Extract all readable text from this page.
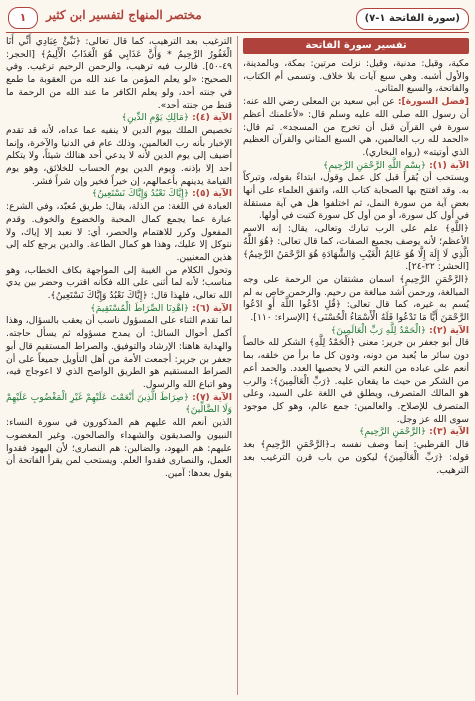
(سورة الفاتحة ١-٧)
مختصر المنهاج لتفسير ابن كثير
١
تفسير سورة الفاتحة

مكية، وقيل: مدنية، وقيل: نزلت مرتين: بمكة، وبالمدينة، والأول أشبه. وهي سبع آيات بلا خلاف. وتسمى أم الكتاب، والفاتحة، والسبع المثاني.

[فضل السورة]: عن أبي سعيد بن المعلى رضي الله عنه: أن رسول الله صلى الله عليه وسلم قال: «لأعلمنك أعظم سورة في القرآن قبل أن تخرج من المسجد». ثم قال: «الحمد لله رب العالمين، هي السبع المثاني والقرآن العظيم الذي أوتيته» (رواه البخاري).

الآية (١): ﴿بِسْمِ اللَّهِ الرَّحْمَنِ الرَّحِيمِ﴾

ويستحب أن يُقرأ قبل كل عمل وقول، ابتداءً بقوله، وتبركاً به. وقد افتتح بها الصحابة كتاب الله، واتفق العلماء على أنها بعض آية من سورة النمل، ثم اختلفوا هل هي آية مستقلة في أول كل سورة، أو من أول كل سورة كتبت في أولها.

﴿اللَّهِ﴾ علم على الرب تبارك وتعالى، يقال: إنه الاسم الأعظم؛ لأنه يوصف بجميع الصفات، كما قال تعالى: ﴿هُوَ اللَّهُ الَّذِي لَا إِلَهَ إِلَّا هُوَ عَالِمُ الْغَيْبِ وَالشَّهَادَةِ هُوَ الرَّحْمَنُ الرَّحِيمُ﴾ [الحشر: ٢٢-٢٤].

﴿الرَّحْمَنِ الرَّحِيمِ﴾ اسمان مشتقان من الرحمة على وجه المبالغة، ورحمن أشد مبالغة من رحيم. والرحمن خاص به لم يُسم به غيره، كما قال تعالى: ﴿قُلِ ادْعُوا اللَّهَ أَوِ ادْعُوا الرَّحْمَنَ أَيًّا مَا تَدْعُوا فَلَهُ الْأَسْمَاءُ الْحُسْنَى﴾ [الإسراء: ١١٠].

الآية (٢): ﴿الْحَمْدُ لِلَّهِ رَبِّ الْعَالَمِينَ﴾

قال أبو جعفر بن جرير: معنى ﴿الْحَمْدُ لِلَّهِ﴾ الشكر لله خالصاً دون سائر ما يُعبد من دونه، ودون كل ما برأ من خلقه، بما أنعم على عباده من النعم التي لا يحصيها العدد. والحمد أعم من الشكر من حيث ما يقعان عليه. ﴿رَبِّ الْعَالَمِينَ﴾: والرب هو المالك المتصرف، ويطلق في اللغة على السيد، وعلى المتصرف للإصلاح. والعالمين: جمع عالم، وهو كل موجود سوى الله عز وجل.

الآية (٣): ﴿الرَّحْمَنِ الرَّحِيمِ﴾

قال القرطبي: إنما وصف نفسه بـ﴿الرَّحْمَنِ الرَّحِيمِ﴾ بعد قوله: ﴿رَبِّ الْعَالَمِينَ﴾ ليكون من باب قرن الترغيب بعد الترهيب.

الترغيب بعد الترهيب، كما قال تعالى: ﴿نَبِّئْ عِبَادِي أَنِّي أَنَا الْغَفُورُ الرَّحِيمُ * وَأَنَّ عَذَابِي هُوَ الْعَذَابُ الْأَلِيمُ﴾ [الحجر: ٤٩-٥٠]. فالرب فيه ترهيب، والرحمن الرحيم ترغيب. وفي الصحيح: «لو يعلم المؤمن ما عند الله من العقوبة ما طمع في جنته أحد، ولو يعلم الكافر ما عند الله من الرحمة ما قنط من جنته أحد».

الآية (٤): ﴿مَالِكِ يَوْمِ الدِّينِ﴾

تخصيص الملك بيوم الدين لا ينفيه عما عداه، لأنه قد تقدم الإخبار بأنه رب العالمين، وذلك عام في الدنيا والآخرة، وإنما أضيف إلى يوم الدين لأنه لا يدعي أحد هنالك شيئاً، ولا يتكلم أحد إلا بإذنه. ويوم الدين يوم الحساب للخلائق، وهو يوم القيامة يدينهم بأعمالهم، إن خيراً فخير وإن شراً فشر.

الآية (٥): ﴿إِيَّاكَ نَعْبُدُ وَإِيَّاكَ نَسْتَعِينُ﴾

العبادة في اللغة: من الذلة، يقال: طريق مُعبّد، وفي الشرع: عبارة عما يجمع كمال المحبة والخضوع والخوف. وقدم المفعول وكرر للاهتمام والحصر، أي: لا نعبد إلا إياك، ولا نتوكل إلا عليك، وهذا هو كمال الطاعة. والدين يرجع كله إلى هذين المعنيين.

وتحول الكلام من الغيبة إلى المواجهة بكاف الخطاب، وهو مناسب؛ لأنه لما أثنى على الله فكأنه اقترب وحضر بين يدي الله تعالى، فلهذا قال: ﴿إِيَّاكَ نَعْبُدُ وَإِيَّاكَ نَسْتَعِينُ﴾.

الآية (٦): ﴿اهْدِنَا الصِّرَاطَ الْمُسْتَقِيمَ﴾

لما تقدم الثناء على المسؤول ناسب أن يعقب بالسؤال، وهذا أكمل أحوال السائل: أن يمدح مسؤوله ثم يسأل حاجته. والهداية هاهنا: الإرشاد والتوفيق. والصراط المستقيم قال أبو جعفر بن جرير: أجمعت الأمة من أهل التأويل جميعاً على أن الصراط المستقيم هو الطريق الواضح الذي لا اعوجاج فيه، وهو اتباع الله والرسول.

الآية (٧): ﴿صِرَاطَ الَّذِينَ أَنْعَمْتَ عَلَيْهِمْ غَيْرِ الْمَغْضُوبِ عَلَيْهِمْ وَلَا الضَّالِّينَ﴾

الذين أنعم الله عليهم هم المذكورون في سورة النساء: النبيون والصديقون والشهداء والصالحون. وغير المغضوب عليهم: هم اليهود، والضالين: هم النصارى؛ لأن اليهود فقدوا العمل، والنصارى فقدوا العلم. ويستحب لمن يقرأ الفاتحة أن يقول بعدها: آمين.
